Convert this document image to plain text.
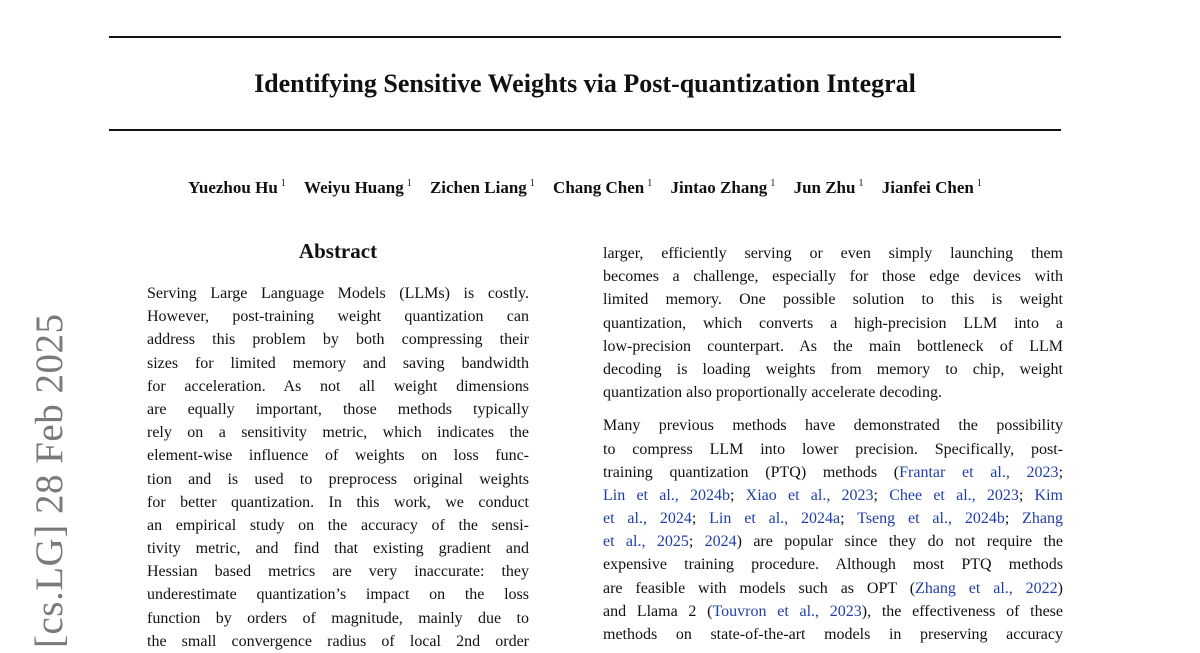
Identifying Sensitive Weights via Post-quantization Integral
Yuezhou Hu $^1$ Weiyu Huang $^1$ Zichen Liang $^1$ Chang Chen $^1$ Jintao Zhang $^1$ Jun Zhu $^1$ Jianfei Chen $^1$
[cs.LG] 28 Feb 2025
Abstract
Serving Large Language Models (LLMs) is costly.
However, post-training weight quantization can
address this problem by both compressing their
sizes for limited memory and saving bandwidth
for acceleration. As not all weight dimensions
are equally important, those methods typically
rely on a sensitivity metric, which indicates the
element-wise influence of weights on loss func-
tion and is used to preprocess original weights
for better quantization. In this work, we conduct
an empirical study on the accuracy of the sensi-
tivity metric, and find that existing gradient and
Hessian based metrics are very inaccurate: they
underestimate quantization’s impact on the loss
function by orders of magnitude, mainly due to
the small convergence radius of local 2nd order
larger, efficiently serving or even simply launching them
becomes a challenge, especially for those edge devices with
limited memory. One possible solution to this is weight
quantization, which converts a high-precision LLM into a
low-precision counterpart. As the main bottleneck of LLM
decoding is loading weights from memory to chip, weight
quantization also proportionally accelerate decoding.
Many previous methods have demonstrated the possibility
to compress LLM into lower precision. Specifically, post-
training quantization (PTQ) methods (Frantar et al., 2023;
Lin et al., 2024b; Xiao et al., 2023; Chee et al., 2023; Kim
et al., 2024; Lin et al., 2024a; Tseng et al., 2024b; Zhang
et al., 2025; 2024) are popular since they do not require the
expensive training procedure. Although most PTQ methods
are feasible with models such as OPT (Zhang et al., 2022)
and Llama 2 (Touvron et al., 2023), the effectiveness of these
methods on state-of-the-art models in preserving accuracy
